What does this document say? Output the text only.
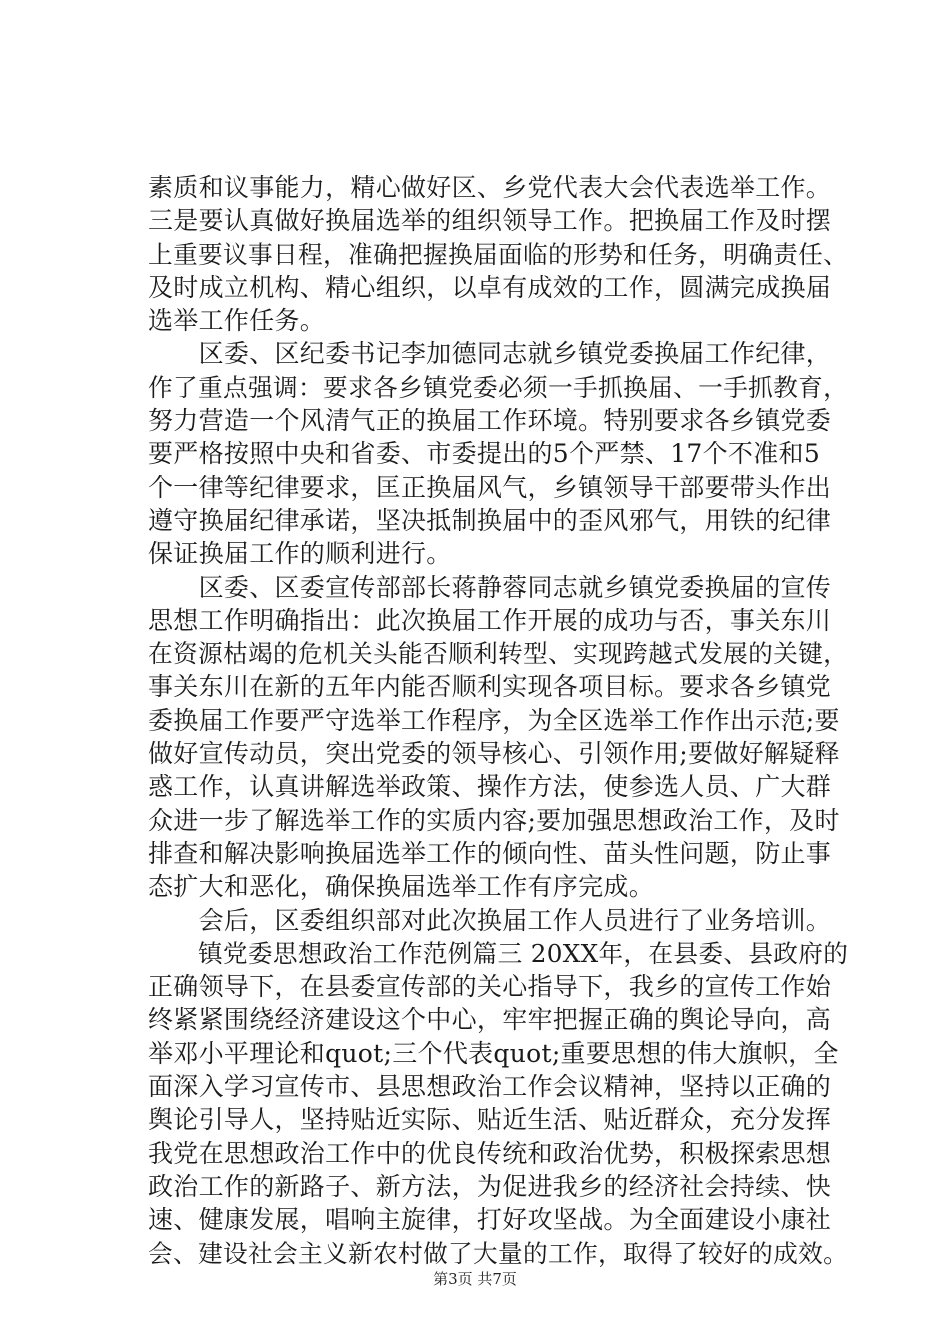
素质和议事能力，精心做好区、乡党代表大会代表选举工作。
三是要认真做好换届选举的组织领导工作。把换届工作及时摆
上重要议事日程，准确把握换届面临的形势和任务，明确责任、
及时成立机构、精心组织，以卓有成效的工作，圆满完成换届
选举工作任务。
　　区委、区纪委书记李加德同志就乡镇党委换届工作纪律，
作了重点强调：要求各乡镇党委必须一手抓换届、一手抓教育，
努力营造一个风清气正的换届工作环境。特别要求各乡镇党委
要严格按照中央和省委、市委提出的5个严禁、17个不准和5
个一律等纪律要求，匡正换届风气，乡镇领导干部要带头作出
遵守换届纪律承诺，坚决抵制换届中的歪风邪气，用铁的纪律
保证换届工作的顺利进行。
　　区委、区委宣传部部长蒋静蓉同志就乡镇党委换届的宣传
思想工作明确指出：此次换届工作开展的成功与否，事关东川
在资源枯竭的危机关头能否顺利转型、实现跨越式发展的关键，
事关东川在新的五年内能否顺利实现各项目标。要求各乡镇党
委换届工作要严守选举工作程序，为全区选举工作作出示范;要
做好宣传动员，突出党委的领导核心、引领作用;要做好解疑释
惑工作，认真讲解选举政策、操作方法，使参选人员、广大群
众进一步了解选举工作的实质内容;要加强思想政治工作，及时
排查和解决影响换届选举工作的倾向性、苗头性问题，防止事
态扩大和恶化，确保换届选举工作有序完成。
　　会后，区委组织部对此次换届工作人员进行了业务培训。
　　镇党委思想政治工作范例篇三 20XX年，在县委、县政府的
正确领导下，在县委宣传部的关心指导下，我乡的宣传工作始
终紧紧围绕经济建设这个中心，牢牢把握正确的舆论导向，高
举邓小平理论和quot;三个代表quot;重要思想的伟大旗帜，全
面深入学习宣传市、县思想政治工作会议精神，坚持以正确的
舆论引导人，坚持贴近实际、贴近生活、贴近群众，充分发挥
我党在思想政治工作中的优良传统和政治优势，积极探索思想
政治工作的新路子、新方法，为促进我乡的经济社会持续、快
速、健康发展，唱响主旋律，打好攻坚战。为全面建设小康社
会、建设社会主义新农村做了大量的工作，取得了较好的成效。
第3页 共7页
